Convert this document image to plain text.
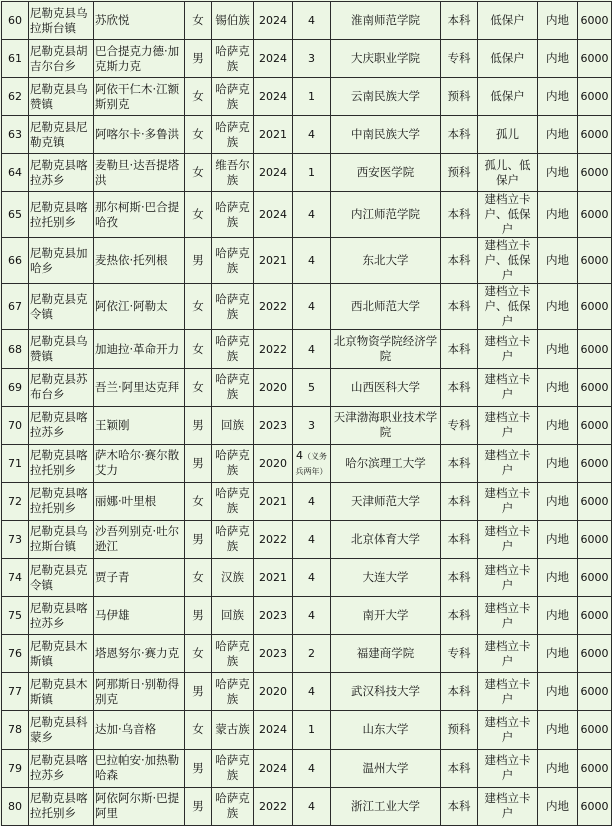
60	尼勒克县乌拉斯台镇	苏欣悦	女	锡伯族	2024	4	淮南师范学院	本科	低保户	内地	6000
61	尼勒克县胡吉尔台乡	巴合提克力德·加克斯力克	男	哈萨克族	2024	3	大庆职业学院	专科	低保户	内地	6000
62	尼勒克县乌赞镇	阿依干仁木·江额斯别克	女	哈萨克族	2024	1	云南民族大学	预科	低保户	内地	6000
63	尼勒克县尼勒克镇	阿喀尔卡·多鲁洪	女	哈萨克族	2021	4	中南民族大学	本科	孤儿	内地	6000
64	尼勒克县喀拉苏乡	麦勒旦·达吾提塔洪	女	维吾尔族	2024	1	西安医学院	预科	孤儿、低保户	内地	6000
65	尼勒克县喀拉托别乡	那尔柯斯·巴合提哈孜	女	哈萨克族	2024	4	内江师范学院	本科	建档立卡户、低保户	内地	6000
66	尼勒克县加哈乡	麦热依·托列根	男	哈萨克族	2021	4	东北大学	本科	建档立卡户、低保户	内地	6000
67	尼勒克县克令镇	阿依江·阿勒太	女	哈萨克族	2022	4	西北师范大学	本科	建档立卡户、低保户	内地	6000
68	尼勒克县乌赞镇	加迪拉·革命开力	女	哈萨克族	2022	4	北京物资学院经济学院	本科	建档立卡户	内地	6000
69	尼勒克县苏布台乡	吾兰·阿里达克拜	女	哈萨克族	2020	5	山西医科大学	本科	建档立卡户	内地	6000
70	尼勒克县喀拉苏乡	王颖刚	男	回族	2023	3	天津渤海职业技术学院	专科	建档立卡户	内地	6000
71	尼勒克县喀拉托别乡	萨木哈尔·赛尔散艾力	男	哈萨克族	2020	4（义务兵两年）	哈尔滨理工大学	本科	建档立卡户	内地	6000
72	尼勒克县喀拉托别乡	丽娜·叶里根	女	哈萨克族	2021	4	天津师范大学	本科	建档立卡户	内地	6000
73	尼勒克县乌拉斯台镇	沙吾列别克·吐尔逊江	男	哈萨克族	2022	4	北京体育大学	本科	建档立卡户	内地	6000
74	尼勒克县克令镇	贾子青	女	汉族	2021	4	大连大学	本科	建档立卡户	内地	6000
75	尼勒克县喀拉苏乡	马伊雄	男	回族	2023	4	南开大学	本科	建档立卡户	内地	6000
76	尼勒克县木斯镇	塔恩努尔·赛力克	女	哈萨克族	2023	2	福建商学院	专科	建档立卡户	内地	6000
77	尼勒克县木斯镇	阿那斯日·别勒得别克	男	哈萨克族	2020	4	武汉科技大学	本科	建档立卡户	内地	6000
78	尼勒克县科蒙乡	达加·乌音格	女	蒙古族	2024	1	山东大学	预科	建档立卡户	内地	6000
79	尼勒克县喀拉苏乡	巴拉帕安·加热勒哈森	男	哈萨克族	2024	4	温州大学	本科	建档立卡户	内地	6000
80	尼勒克县喀拉托别乡	阿依阿尔斯·巴提阿里	男	哈萨克族	2022	4	浙江工业大学	本科	建档立卡户	内地	6000
